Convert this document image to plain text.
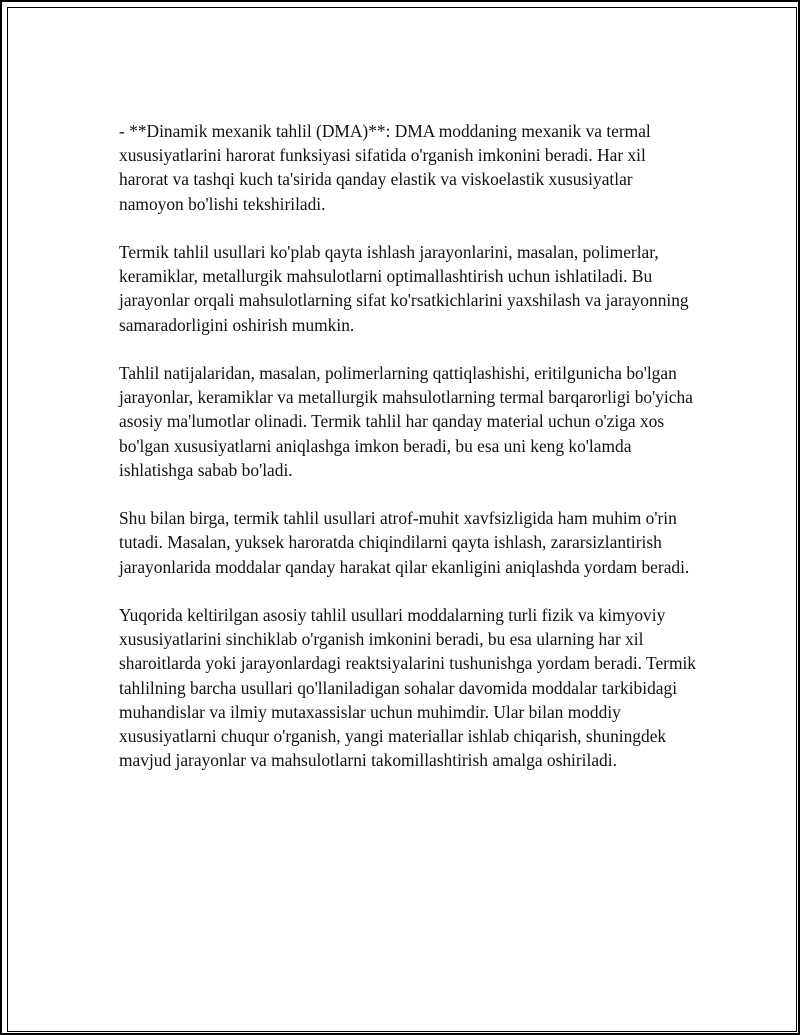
- **Dinamik mexanik tahlil (DMA)**: DMA moddaning mexanik va termal xususiyatlarini harorat funksiyasi sifatida o'rganish imkonini beradi. Har xil harorat va tashqi kuch ta'sirida qanday elastik va viskoelastik xususiyatlar namoyon bo'lishi tekshiriladi.

Termik tahlil usullari ko'plab qayta ishlash jarayonlarini, masalan, polimerlar, keramiklar, metallurgik mahsulotlarni optimallashtirish uchun ishlatiladi. Bu jarayonlar orqali mahsulotlarning sifat ko'rsatkichlarini yaxshilash va jarayonning samaradorligini oshirish mumkin.

Tahlil natijalaridan, masalan, polimerlarning qattiqlashishi, eritilgunicha bo'lgan jarayonlar, keramiklar va metallurgik mahsulotlarning termal barqarorligi bo'yicha asosiy ma'lumotlar olinadi. Termik tahlil har qanday material uchun o'ziga xos bo'lgan xususiyatlarni aniqlashga imkon beradi, bu esa uni keng ko'lamda ishlatishga sabab bo'ladi.

Shu bilan birga, termik tahlil usullari atrof-muhit xavfsizligida ham muhim o'rin tutadi. Masalan, yuksek haroratda chiqindilarni qayta ishlash, zararsizlantirish jarayonlarida moddalar qanday harakat qilar ekanligini aniqlashda yordam beradi.

Yuqorida keltirilgan asosiy tahlil usullari moddalarning turli fizik va kimyoviy xususiyatlarini sinchiklab o'rganish imkonini beradi, bu esa ularning har xil sharoitlarda yoki jarayonlardagi reaktsiyalarini tushunishga yordam beradi. Termik tahlilning barcha usullari qo'llaniladigan sohalar davomida moddalar tarkibidagi muhandislar va ilmiy mutaxassislar uchun muhimdir. Ular bilan moddiy xususiyatlarni chuqur o'rganish, yangi materiallar ishlab chiqarish, shuningdek mavjud jarayonlar va mahsulotlarni takomillashtirish amalga oshiriladi.
